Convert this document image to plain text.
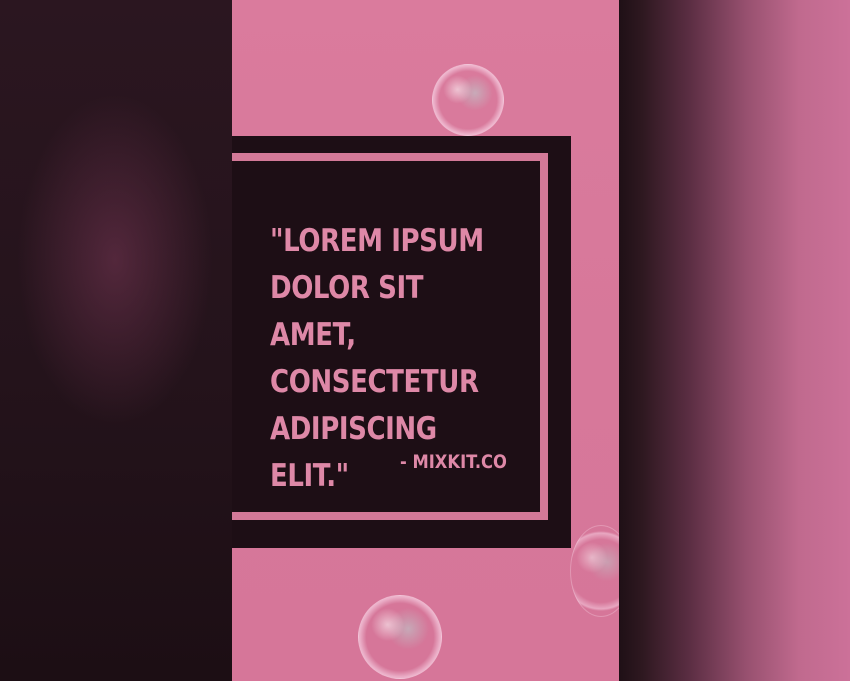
"LOREM IPSUM
DOLOR SIT AMET,
CONSECTETUR
ADIPISCING ELIT."	- MIXKIT.CO
